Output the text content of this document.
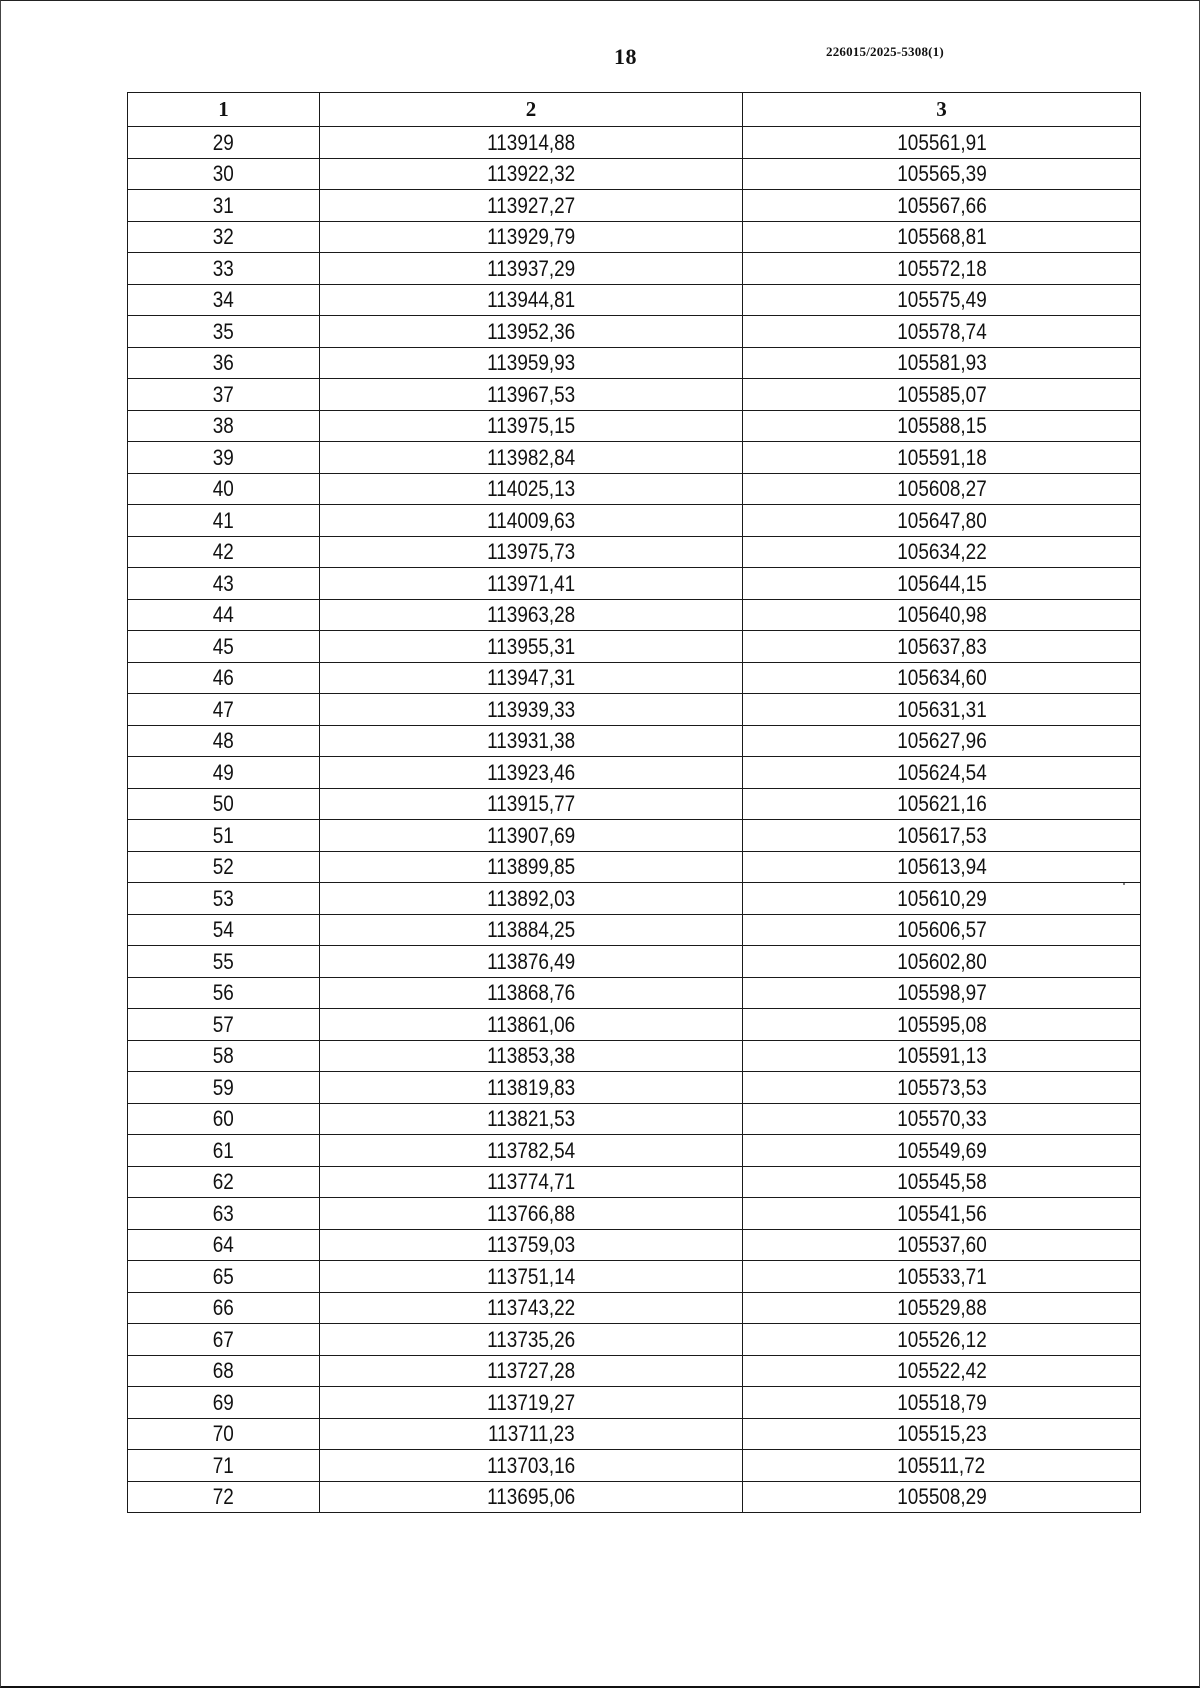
18	226015/2025-5308(1)
1	2	3
29	113914,88	105561,91
30	113922,32	105565,39
31	113927,27	105567,66
32	113929,79	105568,81
33	113937,29	105572,18
34	113944,81	105575,49
35	113952,36	105578,74
36	113959,93	105581,93
37	113967,53	105585,07
38	113975,15	105588,15
39	113982,84	105591,18
40	114025,13	105608,27
41	114009,63	105647,80
42	113975,73	105634,22
43	113971,41	105644,15
44	113963,28	105640,98
45	113955,31	105637,83
46	113947,31	105634,60
47	113939,33	105631,31
48	113931,38	105627,96
49	113923,46	105624,54
50	113915,77	105621,16
51	113907,69	105617,53
52	113899,85	105613,94
53	113892,03	105610,29
54	113884,25	105606,57
55	113876,49	105602,80
56	113868,76	105598,97
57	113861,06	105595,08
58	113853,38	105591,13
59	113819,83	105573,53
60	113821,53	105570,33
61	113782,54	105549,69
62	113774,71	105545,58
63	113766,88	105541,56
64	113759,03	105537,60
65	113751,14	105533,71
66	113743,22	105529,88
67	113735,26	105526,12
68	113727,28	105522,42
69	113719,27	105518,79
70	113711,23	105515,23
71	113703,16	105511,72
72	113695,06	105508,29
